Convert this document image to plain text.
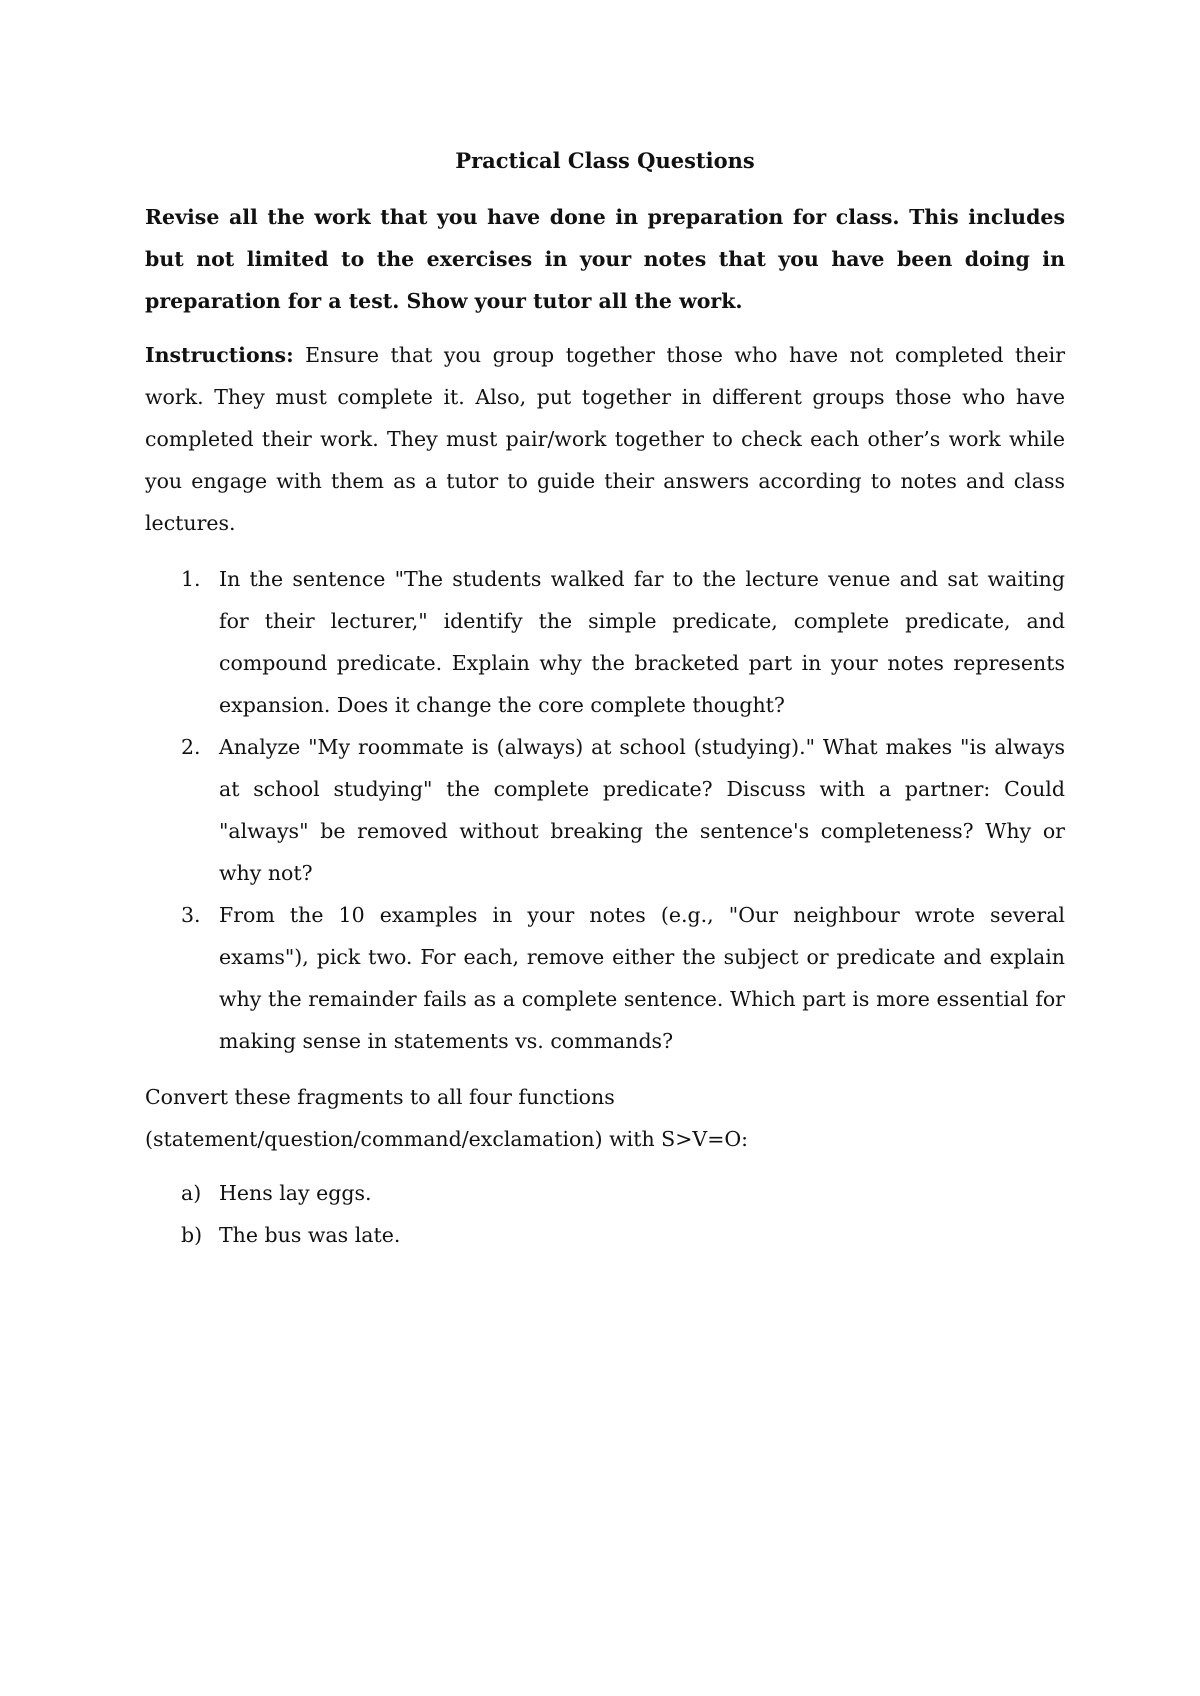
Practical Class Questions

Revise all the work that you have done in preparation for class. This includes but not limited to the exercises in your notes that you have been doing in preparation for a test. Show your tutor all the work.

Instructions: Ensure that you group together those who have not completed their work. They must complete it. Also, put together in different groups those who have completed their work. They must pair/work together to check each other’s work while you engage with them as a tutor to guide their answers according to notes and class lectures.

1. In the sentence "The students walked far to the lecture venue and sat waiting for their lecturer," identify the simple predicate, complete predicate, and compound predicate. Explain why the bracketed part in your notes represents expansion. Does it change the core complete thought?
2. Analyze "My roommate is (always) at school (studying)." What makes "is always at school studying" the complete predicate? Discuss with a partner: Could "always" be removed without breaking the sentence's completeness? Why or why not?
3. From the 10 examples in your notes (e.g., "Our neighbour wrote several exams"), pick two. For each, remove either the subject or predicate and explain why the remainder fails as a complete sentence. Which part is more essential for making sense in statements vs. commands?

Convert these fragments to all four functions (statement/question/command/exclamation) with S>V=O:

a) Hens lay eggs.
b) The bus was late.
